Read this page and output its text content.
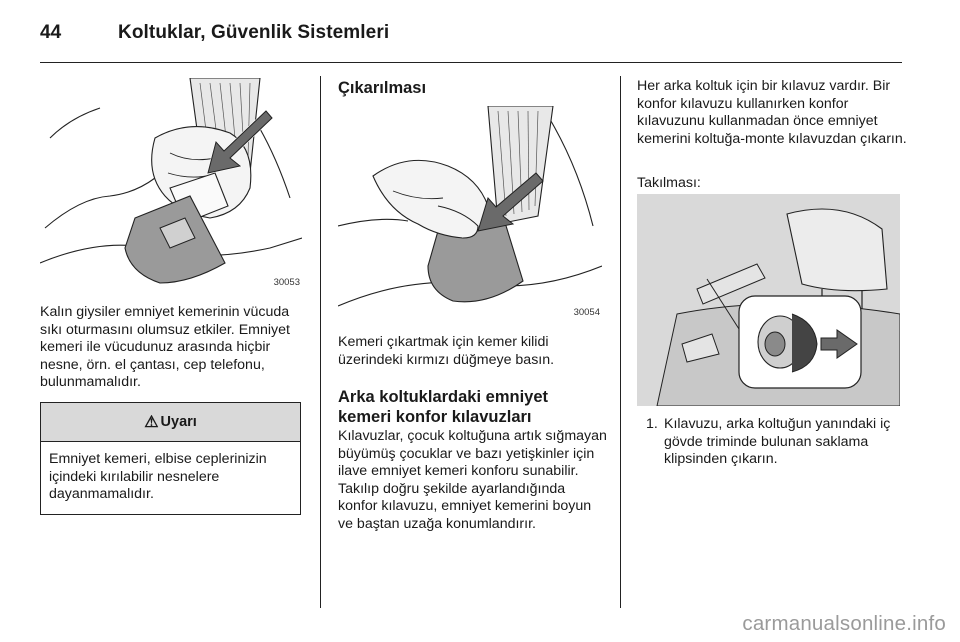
44	Koltuklar, Güvenlik Sistemleri
30053
Kalın giysiler emniyet kemerinin vücuda sıkı oturmasını olumsuz etkiler. Emniyet kemeri ile vücudunuz arasında hiçbir nesne, örn. el çantası, cep telefonu, bulunmamalıdır.
⚠ Uyarı
Emniyet kemeri, elbise ceplerinizin içindeki kırılabilir nesnelere dayanmamalıdır.
Çıkarılması
30054
Kemeri çıkartmak için kemer kilidi üzerindeki kırmızı düğmeye basın.
Arka koltuklardaki emniyet kemeri konfor kılavuzları
Kılavuzlar, çocuk koltuğuna artık sığmayan büyümüş çocuklar ve bazı yetişkinler için ilave emniyet kemeri konforu sunabilir. Takılıp doğru şekilde ayarlandığında konfor kılavuzu, emniyet kemerini boyun ve baştan uzağa konumlandırır.
Her arka koltuk için bir kılavuz vardır. Bir konfor kılavuzu kullanırken konfor kılavuzunu kullanmadan önce emniyet kemerini koltuğa-monte kılavuzdan çıkarın.
Takılması:
1. Kılavuzu, arka koltuğun yanındaki iç gövde triminde bulunan saklama klipsinden çıkarın.
carmanualsonline.info
